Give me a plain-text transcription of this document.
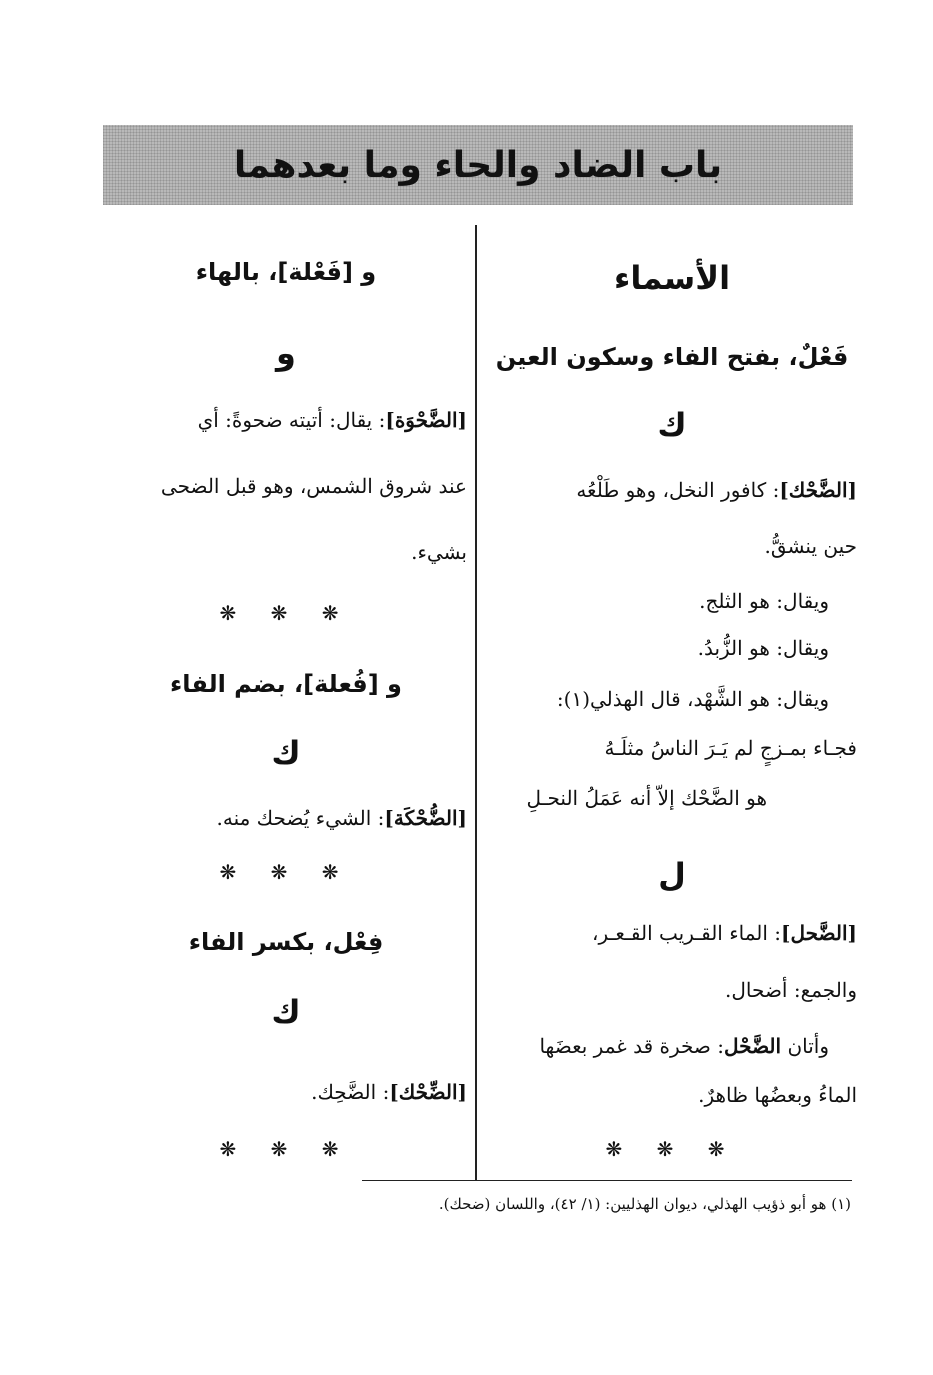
باب الضاد والحاء وما بعدهما
الأسماء
فَعْلٌ، بفتح الفاء وسكون العين
ك
[الضَّحْك]: كافور النخل، وهو طَلْعُه
حين ينشقُّ.
ويقال: هو الثلج.
ويقال: هو الزُّبدُ.
ويقال: هو الشَّهْد، قال الهذلي(١):
فجـاء بمـزجٍ لم يَـرَ الناسُ مثلَـهُ
هو الضَّحْك إلاّ أنه عَمَلُ النحـلِ
ل
[الضَّحل]: الماء القـريب القـعـر،
والجمع: أضحال.
وأتان الضَّحْل: صخرة قد غمر بعضَها
الماءُ وبعضُها ظاهرٌ.
❋ ❋ ❋
و [فَعْلة]، بالهاء
و
[الضَّحْوَة]: يقال: أتيته ضحوةً: أي
عند شروق الشمس، وهو قبل الضحى
بشيء.
❋ ❋ ❋
و [فُعلة]، بضم الفاء
ك
[الضُّحْكَة]: الشيء يُضحك منه.
❋ ❋ ❋
فِعْل، بكسر الفاء
ك
[الضِّحْك]: الضَّحِك.
❋ ❋ ❋
(١) هو أبو ذؤيب الهذلي، ديوان الهذليين: (١/ ٤٢)، واللسان (ضحك).
